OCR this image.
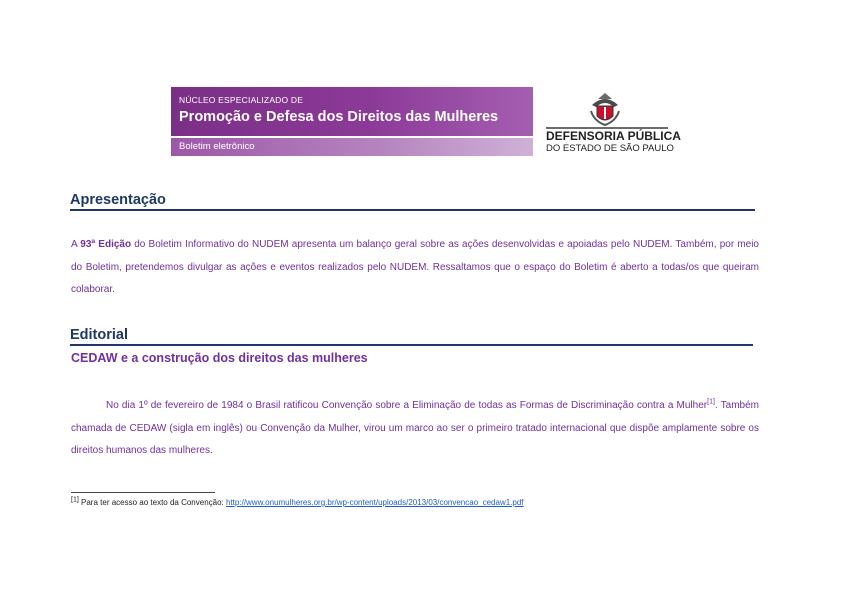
NÚCLEO ESPECIALIZADO DE
Promoção e Defesa dos Direitos das Mulheres
Boletim eletrônico
DEFENSORIA PÚBLICA
DO ESTADO DE SÃO PAULO
Apresentação

A 93ª Edição do Boletim Informativo do NUDEM apresenta um balanço geral sobre as ações desenvolvidas e apoiadas pelo NUDEM. Também, por meio do Boletim, pretendemos divulgar as ações e eventos realizados pelo NUDEM. Ressaltamos que o espaço do Boletim é aberto a todas/os que queiram colaborar.

Editorial
CEDAW e a construção dos direitos das mulheres

No dia 1º de fevereiro de 1984 o Brasil ratificou Convenção sobre a Eliminação de todas as Formas de Discriminação contra a Mulher[1]. Também chamada de CEDAW (sigla em inglês) ou Convenção da Mulher, virou um marco ao ser o primeiro tratado internacional que dispõe amplamente sobre os direitos humanos das mulheres.

[1] Para ter acesso ao texto da Convenção: http://www.onumulheres.org.br/wp-content/uploads/2013/03/convencao_cedaw1.pdf
